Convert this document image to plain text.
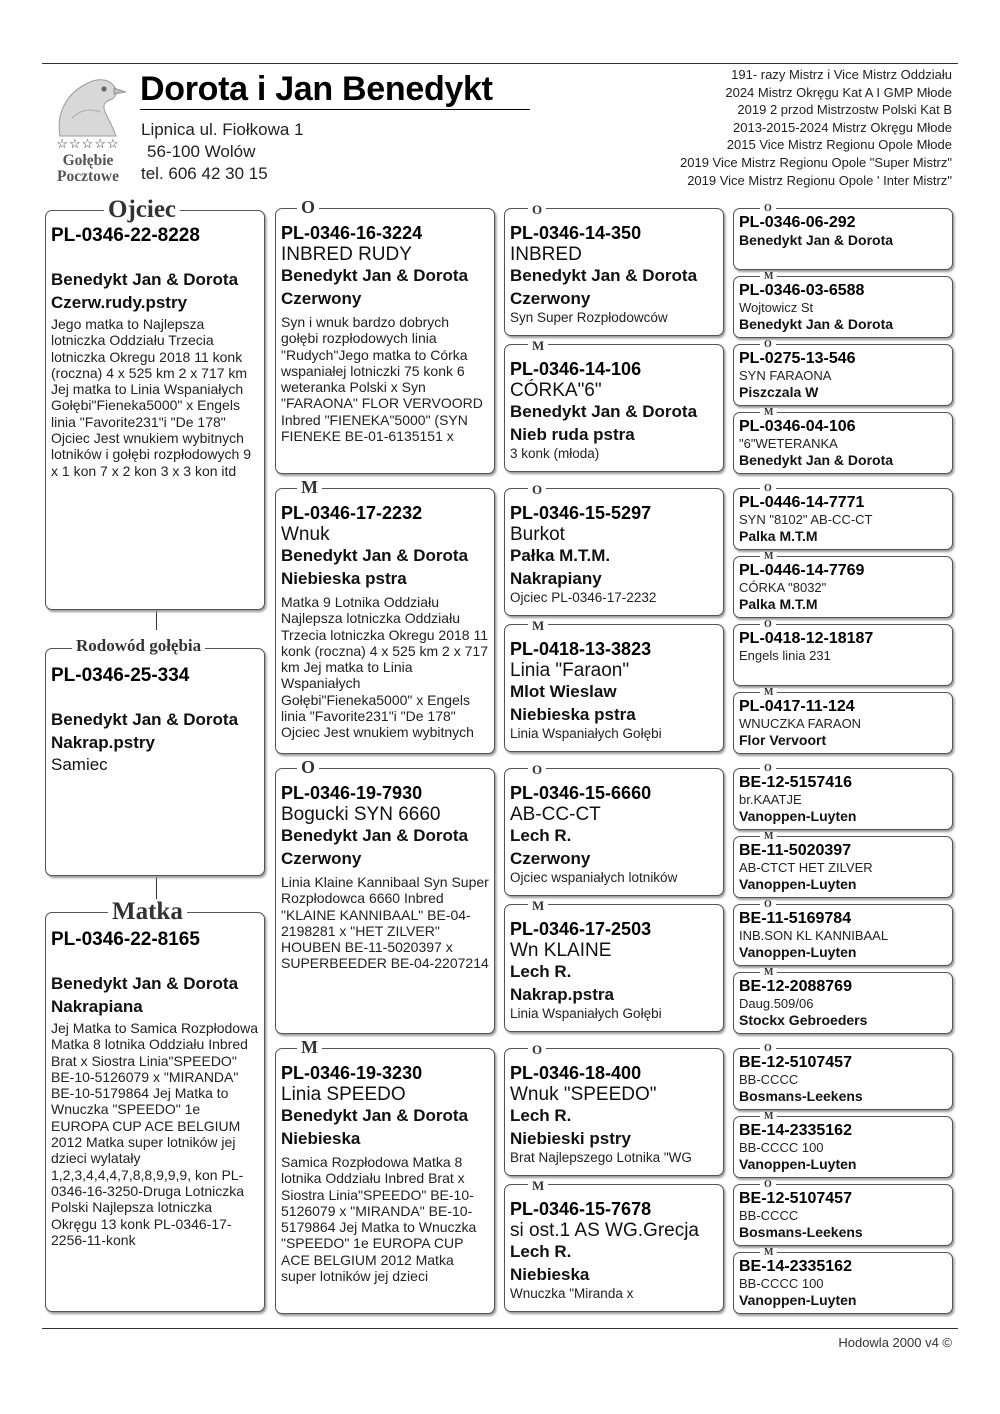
☆☆☆☆☆
Gołębie
Pocztowe
Dorota i Jan Benedykt
Lipnica ul. Fiołkowa 1
56-100 Wolów
tel. 606 42 30 15
191- razy Mistrz i Vice Mistrz Oddziału
2024 Mistrz Okręgu Kat A I GMP Młode
2019 2 przod Mistrzostw Polski Kat B
2013-2015-2024 Mistrz Okręgu Młode
2015 Vice Mistrz Regionu Opole Młode
2019 Vice Mistrz Regionu Opole "Super Mistrz"
2019 Vice Mistrz Regionu Opole ' Inter Mistrz"
PL-0346-22-8228
Benedykt Jan & Dorota
Czerw.rudy.pstry
Jego matka to Najlepsza lotniczka Oddziału Trzecia lotniczka Okregu 2018 11 konk (roczna) 4 x 525 km 2 x 717 km Jej matka to Linia Wspaniałych Gołębi"Fieneka5000" x Engels linia "Favorite231"i "De 178" Ojciec Jest wnukiem wybitnych lotników i gołębi rozpłodowych 9 x 1 kon 7 x 2 kon 3 x 3 kon itd
Ojciec
PL-0346-25-334
Benedykt Jan & Dorota
Nakrap.pstry
Samiec
Rodowód gołębia
PL-0346-22-8165
Benedykt Jan & Dorota
Nakrapiana
Jej Matka to Samica Rozpłodowa Matka 8 lotnika Oddziału Inbred Brat x Siostra Linia"SPEEDO" BE-10-5126079 x "MIRANDA" BE-10-5179864 Jej Matka to Wnuczka "SPEEDO" 1e EUROPA CUP ACE BELGIUM 2012 Matka super lotników jej dzieci wylatały 1,2,3,4,4,4,7,8,8,9,9,9, kon PL-0346-16-3250-Druga Lotniczka Polski Najlepsza lotniczka Okręgu 13 konk PL-0346-17-2256-11-konk
Matka
PL-0346-16-3224
INBRED RUDY
Benedykt Jan & Dorota
Czerwony
Syn i wnuk bardzo dobrych gołębi rozpłodowych linia "Rudych"Jego matka to Córka wspaniałej lotniczki 75 konk 6 weteranka Polski x Syn "FARAONA" FLOR VERVOORD Inbred "FIENEKA"5000" (SYN FIENEKE BE-01-6135151 x
O
PL-0346-17-2232
Wnuk
Benedykt Jan & Dorota
Niebieska pstra
Matka 9 Lotnika Oddziału Najlepsza lotniczka Oddziału Trzecia lotniczka Okregu 2018 11 konk (roczna) 4 x 525 km 2 x 717 km Jej matka to Linia Wspaniałych Gołębi"Fieneka5000" x Engels linia "Favorite231"i "De 178" Ojciec Jest wnukiem wybitnych
M
PL-0346-19-7930
Bogucki SYN 6660
Benedykt Jan & Dorota
Czerwony
Linia Klaine Kannibaal Syn Super Rozpłodowca 6660 Inbred "KLAINE KANNIBAAL" BE-04-2198281 x "HET ZILVER" HOUBEN BE-11-5020397 x SUPERBEEDER BE-04-2207214
O
PL-0346-19-3230
Linia SPEEDO
Benedykt Jan & Dorota
Niebieska
Samica Rozpłodowa Matka 8 lotnika Oddziału Inbred Brat x Siostra Linia"SPEEDO" BE-10-5126079 x "MIRANDA" BE-10-5179864 Jej Matka to Wnuczka "SPEEDO" 1e EUROPA CUP ACE BELGIUM 2012 Matka super lotników jej dzieci
M
PL-0346-14-350
INBRED
Benedykt Jan & Dorota
Czerwony
Syn Super Rozpłodowców
O
PL-0346-14-106
CÓRKA"6"
Benedykt Jan & Dorota
Nieb ruda pstra
3 konk (młoda)
M
PL-0346-15-5297
Burkot
Pałka M.T.M.
Nakrapiany
Ojciec PL-0346-17-2232
O
PL-0418-13-3823
Linia "Faraon"
Mlot Wieslaw
Niebieska pstra
Linia Wspaniałych Gołębi
M
PL-0346-15-6660
AB-CC-CT
Lech R.
Czerwony
Ojciec wspaniałych lotników
O
PL-0346-17-2503
Wn KLAINE
Lech R.
Nakrap.pstra
Linia Wspaniałych Gołębi
M
PL-0346-18-400
Wnuk "SPEEDO"
Lech R.
Niebieski pstry
Brat Najlepszego Lotnika "WG
O
PL-0346-15-7678
si ost.1 AS WG.Grecja
Lech R.
Niebieska
Wnuczka "Miranda x
M
PL-0346-06-292
Benedykt Jan & Dorota
O
PL-0346-03-6588
Wojtowicz St
Benedykt Jan & Dorota
M
PL-0275-13-546
SYN FARAONA
Piszczala W
O
PL-0346-04-106
"6"WETERANKA
Benedykt Jan & Dorota
M
PL-0446-14-7771
SYN "8102" AB-CC-CT
Palka M.T.M
O
PL-0446-14-7769
CÓRKA "8032"
Palka M.T.M
M
PL-0418-12-18187
Engels linia 231
O
PL-0417-11-124
WNUCZKA FARAON
Flor Vervoort
M
BE-12-5157416
br.KAATJE
Vanoppen-Luyten
O
BE-11-5020397
AB-CTCT HET ZILVER
Vanoppen-Luyten
M
BE-11-5169784
INB.SON KL KANNIBAAL
Vanoppen-Luyten
O
BE-12-2088769
Daug.509/06
Stockx Gebroeders
M
BE-12-5107457
BB-CCCC
Bosmans-Leekens
O
BE-14-2335162
BB-CCCC 100
Vanoppen-Luyten
M
BE-12-5107457
BB-CCCC
Bosmans-Leekens
O
BE-14-2335162
BB-CCCC 100
Vanoppen-Luyten
M
Hodowla 2000 v4 ©
